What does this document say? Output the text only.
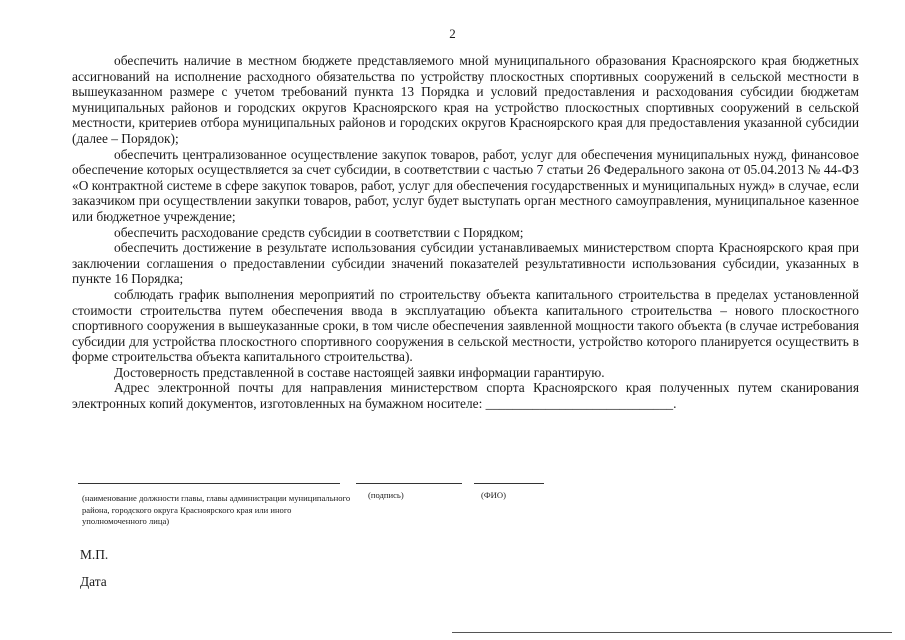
2

обеспечить наличие в местном бюджете представляемого мной муниципального образования Красноярского края бюджетных ассигнований на исполнение расходного обязательства по устройству плоскостных спортивных сооружений в сельской местности в вышеуказанном размере с учетом требований пункта 13 Порядка и условий предоставления и расходования субсидии бюджетам муниципальных районов и городских округов Красноярского края на устройство плоскостных спортивных сооружений в сельской местности, критериев отбора муниципальных районов и городских округов Красноярского края для предоставления указанной субсидии (далее – Порядок);

обеспечить централизованное осуществление закупок товаров, работ, услуг для обеспечения муниципальных нужд, финансовое обеспечение которых осуществляется за счет субсидии, в соответствии с частью 7 статьи 26 Федерального закона от 05.04.2013 № 44-ФЗ «О контрактной системе в сфере закупок товаров, работ, услуг для обеспечения государственных и муниципальных нужд» в случае, если заказчиком при осуществлении закупки товаров, работ, услуг будет выступать орган местного самоуправления, муниципальное казенное или бюджетное учреждение;

обеспечить расходование средств субсидии в соответствии с Порядком;

обеспечить достижение в результате использования субсидии устанавливаемых министерством спорта Красноярского края при заключении соглашения о предоставлении субсидии значений показателей результативности использования субсидии, указанных в пункте 16 Порядка;

соблюдать график выполнения мероприятий по строительству объекта капитального строительства в пределах установленной стоимости строительства путем обеспечения ввода в эксплуатацию объекта капитального строительства – нового плоскостного спортивного сооружения в вышеуказанные сроки, в том числе обеспечения заявленной мощности такого объекта (в случае истребования субсидии для устройства плоскостного спортивного сооружения в сельской местности, устройство которого планируется осуществить в форме строительства объекта капитального строительства).

Достоверность представленной в составе настоящей заявки информации гарантирую.

Адрес электронной почты для направления министерством спорта Красноярского края полученных путем сканирования электронных копий документов, изготовленных на бумажном носителе: ____________________________.

(наименование должности главы, главы администрации муниципального района, городского округа Красноярского края или иного уполномоченного лица)
(подпись)	(ФИО)
М.П.
Дата
